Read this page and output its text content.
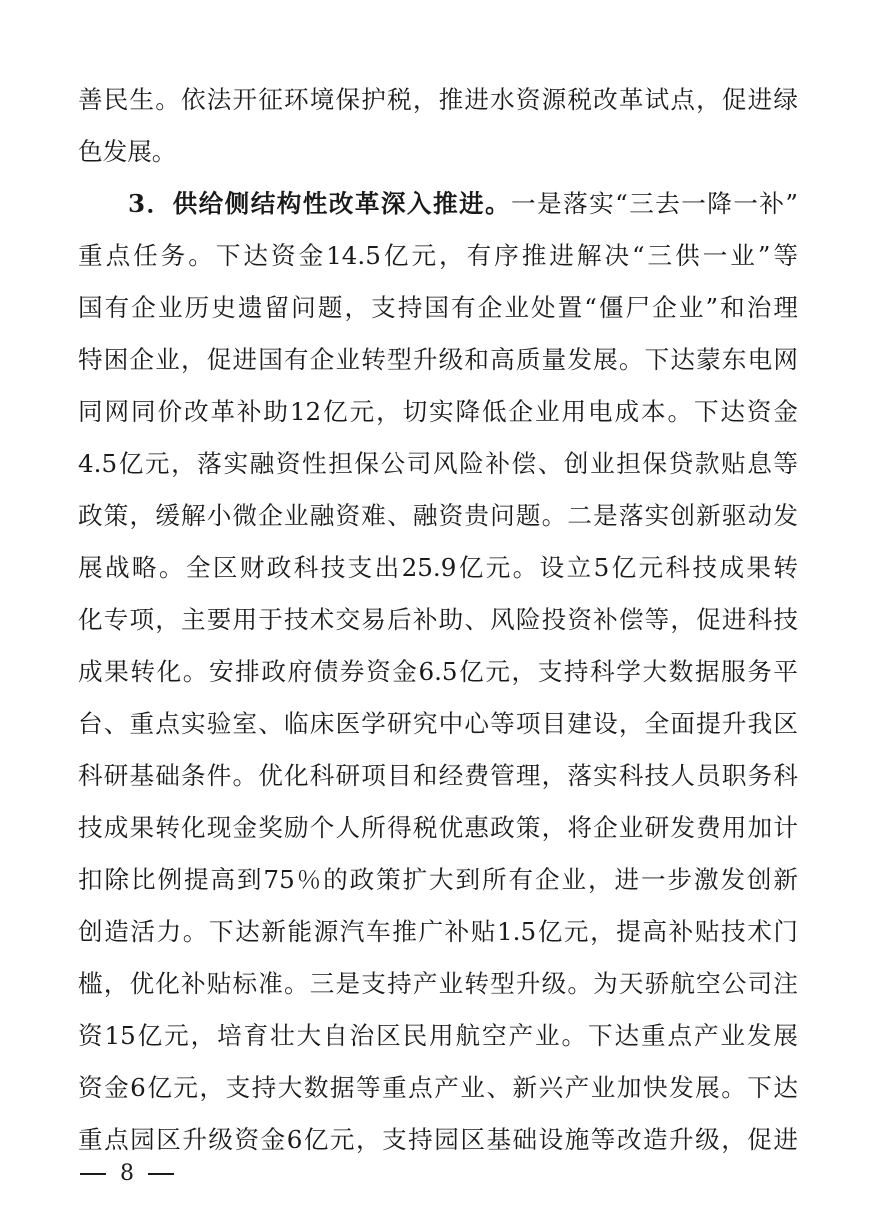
善民生。依法开征环境保护税，推进水资源税改革试点，促进绿
色发展。
3．供给侧结构性改革深入推进。一是落实“三去一降一补”
重点任务。下达资金14.5亿元，有序推进解决“三供一业”等
国有企业历史遗留问题，支持国有企业处置“僵尸企业”和治理
特困企业，促进国有企业转型升级和高质量发展。下达蒙东电网
同网同价改革补助12亿元，切实降低企业用电成本。下达资金
4.5亿元，落实融资性担保公司风险补偿、创业担保贷款贴息等
政策，缓解小微企业融资难、融资贵问题。二是落实创新驱动发
展战略。全区财政科技支出25.9亿元。设立5亿元科技成果转
化专项，主要用于技术交易后补助、风险投资补偿等，促进科技
成果转化。安排政府债券资金6.5亿元，支持科学大数据服务平
台、重点实验室、临床医学研究中心等项目建设，全面提升我区
科研基础条件。优化科研项目和经费管理，落实科技人员职务科
技成果转化现金奖励个人所得税优惠政策，将企业研发费用加计
扣除比例提高到75％的政策扩大到所有企业，进一步激发创新
创造活力。下达新能源汽车推广补贴1.5亿元，提高补贴技术门
槛，优化补贴标准。三是支持产业转型升级。为天骄航空公司注
资15亿元，培育壮大自治区民用航空产业。下达重点产业发展
资金6亿元，支持大数据等重点产业、新兴产业加快发展。下达
重点园区升级资金6亿元，支持园区基础设施等改造升级，促进
8
